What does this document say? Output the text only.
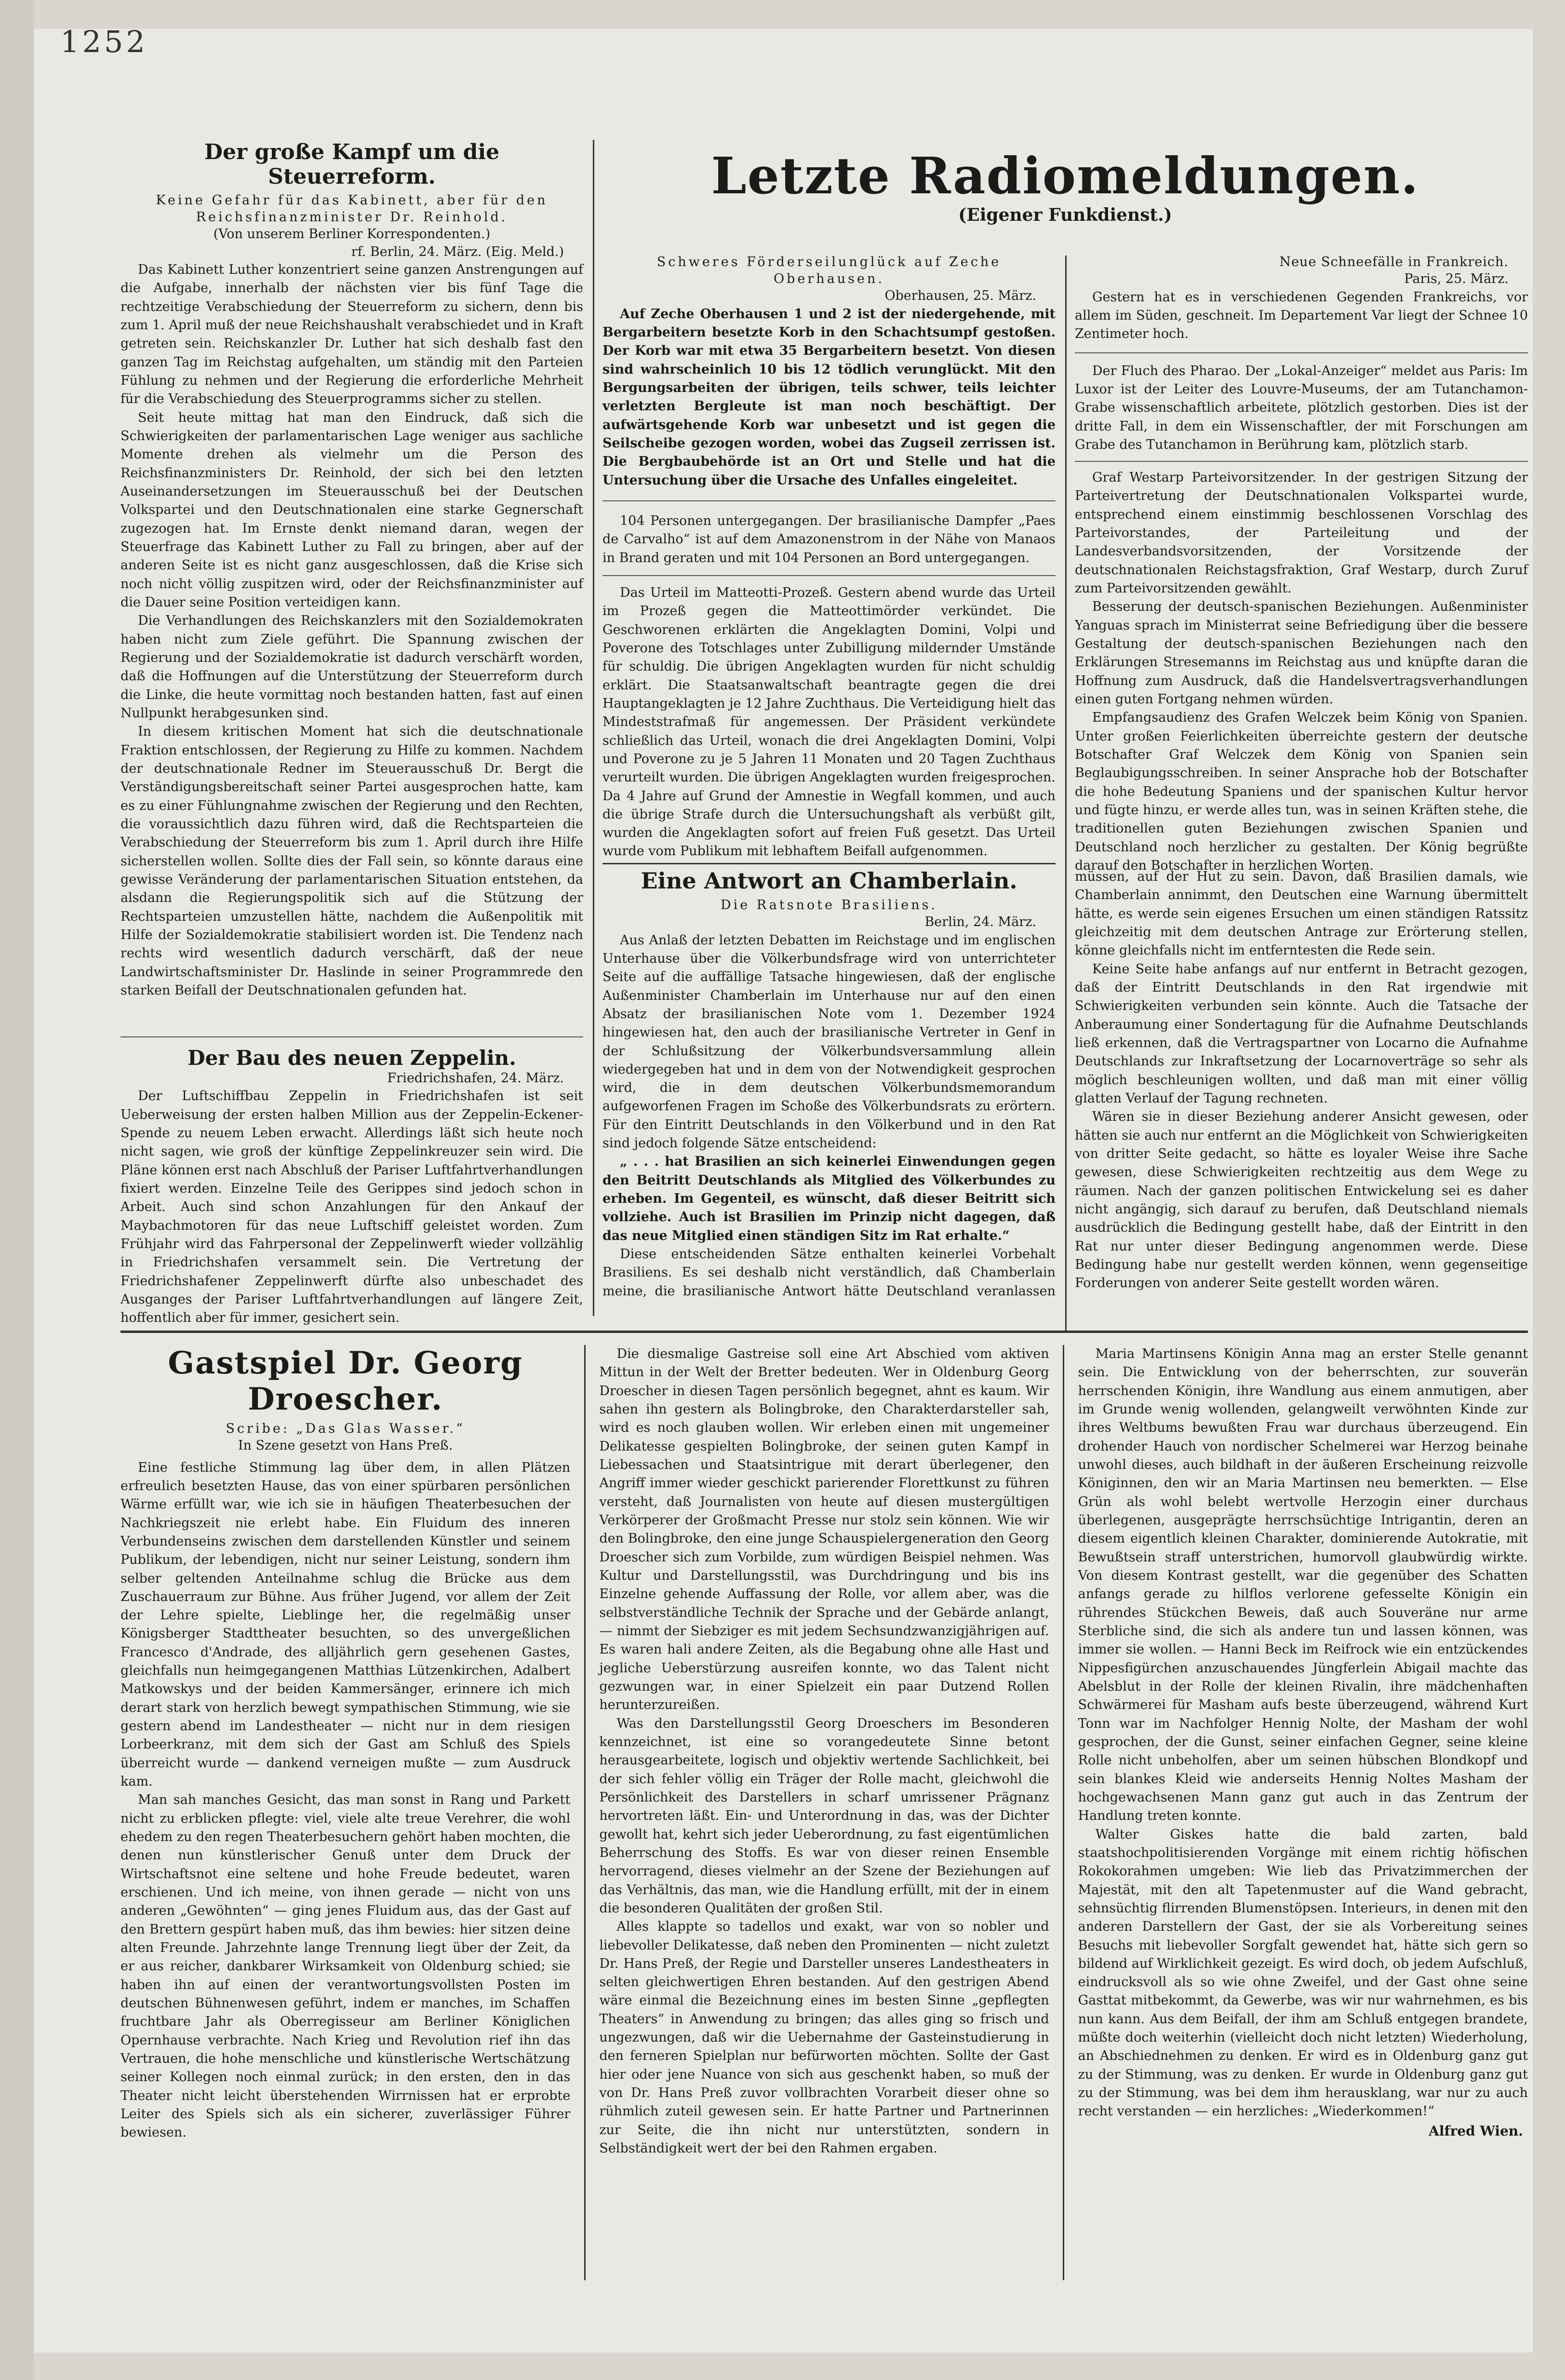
1252
Der große Kampf um die Steuerreform.
Keine Gefahr für das Kabinett, aber für den Reichsfinanzminister Dr. Reinhold.
(Von unserem Berliner Korrespondenten.)
rf. Berlin, 24. März. (Eig. Meld.)

Das Kabinett Luther konzentriert seine ganzen Anstrengungen auf die Aufgabe, innerhalb der nächsten vier bis fünf Tage die rechtzeitige Verabschiedung der Steuerreform zu sichern, denn bis zum 1. April muß der neue Reichshaushalt verabschiedet und in Kraft getreten sein. Reichskanzler Dr. Luther hat sich deshalb fast den ganzen Tag im Reichstag aufgehalten, um ständig mit den Parteien Fühlung zu nehmen und der Regierung die erforderliche Mehrheit für die Verabschiedung des Steuerprogramms sicher zu stellen.

Seit heute mittag hat man den Eindruck, daß sich die Schwierigkeiten der parlamentarischen Lage weniger aus sachliche Momente drehen als vielmehr um die Person des Reichsfinanzministers Dr. Reinhold, der sich bei den letzten Auseinandersetzungen im Steuerausschuß bei der Deutschen Volkspartei und den Deutschnationalen eine starke Gegnerschaft zugezogen hat. Im Ernste denkt niemand daran, wegen der Steuerfrage das Kabinett Luther zu Fall zu bringen, aber auf der anderen Seite ist es nicht ganz ausgeschlossen, daß die Krise sich noch nicht völlig zuspitzen wird, oder der Reichsfinanzminister auf die Dauer seine Position verteidigen kann.

Die Verhandlungen des Reichskanzlers mit den Sozialdemokraten haben nicht zum Ziele geführt. Die Spannung zwischen der Regierung und der Sozialdemokratie ist dadurch verschärft worden, daß die Hoffnungen auf die Unterstützung der Steuerreform durch die Linke, die heute vormittag noch bestanden hatten, fast auf einen Nullpunkt herabgesunken sind.

In diesem kritischen Moment hat sich die deutschnationale Fraktion entschlossen, der Regierung zu Hilfe zu kommen. Nachdem der deutschnationale Redner im Steuerausschuß Dr. Bergt die Verständigungsbereitschaft seiner Partei ausgesprochen hatte, kam es zu einer Fühlungnahme zwischen der Regierung und den Rechten, die voraussichtlich dazu führen wird, daß die Rechtsparteien die Verabschiedung der Steuerreform bis zum 1. April durch ihre Hilfe sicherstellen wollen. Sollte dies der Fall sein, so könnte daraus eine gewisse Veränderung der parlamentarischen Situation entstehen, da alsdann die Regierungspolitik sich auf die Stützung der Rechtsparteien umzustellen hätte, nachdem die Außenpolitik mit Hilfe der Sozialdemokratie stabilisiert worden ist. Die Tendenz nach rechts wird wesentlich dadurch verschärft, daß der neue Landwirtschaftsminister Dr. Haslinde in seiner Programmrede den starken Beifall der Deutschnationalen gefunden hat.

Der Bau des neuen Zeppelin.
Friedrichshafen, 24. März.

Der Luftschiffbau Zeppelin in Friedrichshafen ist seit Ueberweisung der ersten halben Million aus der Zeppelin-Eckener-Spende zu neuem Leben erwacht. Allerdings läßt sich heute noch nicht sagen, wie groß der künftige Zeppelinkreuzer sein wird. Die Pläne können erst nach Abschluß der Pariser Luftfahrtverhandlungen fixiert werden. Einzelne Teile des Gerippes sind jedoch schon in Arbeit. Auch sind schon Anzahlungen für den Ankauf der Maybachmotoren für das neue Luftschiff geleistet worden. Zum Frühjahr wird das Fahrpersonal der Zeppelinwerft wieder vollzählig in Friedrichshafen versammelt sein. Die Vertretung der Friedrichshafener Zeppelinwerft dürfte also unbeschadet des Ausganges der Pariser Luftfahrtverhandlungen auf längere Zeit, hoffentlich aber für immer, gesichert sein.

Letzte Radiomeldungen.
(Eigener Funkdienst.)
Schweres Förderseilunglück auf Zeche Oberhausen.
Oberhausen, 25. März.

Auf Zeche Oberhausen 1 und 2 ist der niedergehende, mit Bergarbeitern besetzte Korb in den Schachtsumpf gestoßen. Der Korb war mit etwa 35 Bergarbeitern besetzt. Von diesen sind wahrscheinlich 10 bis 12 tödlich verunglückt. Mit den Bergungsarbeiten der übrigen, teils schwer, teils leichter verletzten Bergleute ist man noch beschäftigt. Der aufwärtsgehende Korb war unbesetzt und ist gegen die Seilscheibe gezogen worden, wobei das Zugseil zerrissen ist. Die Bergbaubehörde ist an Ort und Stelle und hat die Untersuchung über die Ursache des Unfalles eingeleitet.

104 Personen untergegangen. Der brasilianische Dampfer „Paes de Carvalho“ ist auf dem Amazonenstrom in der Nähe von Manaos in Brand geraten und mit 104 Personen an Bord untergegangen.

Das Urteil im Matteotti-Prozeß. Gestern abend wurde das Urteil im Prozeß gegen die Matteottimörder verkündet. Die Geschworenen erklärten die Angeklagten Domini, Volpi und Poverone des Totschlages unter Zubilligung mildernder Umstände für schuldig. Die übrigen Angeklagten wurden für nicht schuldig erklärt. Die Staatsanwaltschaft beantragte gegen die drei Hauptangeklagten je 12 Jahre Zuchthaus. Die Verteidigung hielt das Mindeststrafmaß für angemessen. Der Präsident verkündete schließlich das Urteil, wonach die drei Angeklagten Domini, Volpi und Poverone zu je 5 Jahren 11 Monaten und 20 Tagen Zuchthaus verurteilt wurden. Die übrigen Angeklagten wurden freigesprochen. Da 4 Jahre auf Grund der Amnestie in Wegfall kommen, und auch die übrige Strafe durch die Untersuchungshaft als verbüßt gilt, wurden die Angeklagten sofort auf freien Fuß gesetzt. Das Urteil wurde vom Publikum mit lebhaftem Beifall aufgenommen.

Neue Schneefälle in Frankreich.
Paris, 25. März.

Gestern hat es in verschiedenen Gegenden Frankreichs, vor allem im Süden, geschneit. Im Departement Var liegt der Schnee 10 Zentimeter hoch.

Der Fluch des Pharao. Der „Lokal-Anzeiger“ meldet aus Paris: Im Luxor ist der Leiter des Louvre-Museums, der am Tutanchamon-Grabe wissenschaftlich arbeitete, plötzlich gestorben. Dies ist der dritte Fall, in dem ein Wissenschaftler, der mit Forschungen am Grabe des Tutanchamon in Berührung kam, plötzlich starb.

Graf Westarp Parteivorsitzender. In der gestrigen Sitzung der Parteivertretung der Deutschnationalen Volkspartei wurde, entsprechend einem einstimmig beschlossenen Vorschlag des Parteivorstandes, der Parteileitung und der Landesverbandsvorsitzenden, der Vorsitzende der deutschnationalen Reichstagsfraktion, Graf Westarp, durch Zuruf zum Parteivorsitzenden gewählt.

Besserung der deutsch-spanischen Beziehungen. Außenminister Yanguas sprach im Ministerrat seine Befriedigung über die bessere Gestaltung der deutsch-spanischen Beziehungen nach den Erklärungen Stresemanns im Reichstag aus und knüpfte daran die Hoffnung zum Ausdruck, daß die Handelsvertragsverhandlungen einen guten Fortgang nehmen würden.

Empfangsaudienz des Grafen Welczek beim König von Spanien. Unter großen Feierlichkeiten überreichte gestern der deutsche Botschafter Graf Welczek dem König von Spanien sein Beglaubigungsschreiben. In seiner Ansprache hob der Botschafter die hohe Bedeutung Spaniens und der spanischen Kultur hervor und fügte hinzu, er werde alles tun, was in seinen Kräften stehe, die traditionellen guten Beziehungen zwischen Spanien und Deutschland noch herzlicher zu gestalten. Der König begrüßte darauf den Botschafter in herzlichen Worten.

Eine Antwort an Chamberlain.
Die Ratsnote Brasiliens.
Berlin, 24. März.

Aus Anlaß der letzten Debatten im Reichstage und im englischen Unterhause über die Völkerbundsfrage wird von unterrichteter Seite auf die auffällige Tatsache hingewiesen, daß der englische Außenminister Chamberlain im Unterhause nur auf den einen Absatz der brasilianischen Note vom 1. Dezember 1924 hingewiesen hat, den auch der brasilianische Vertreter in Genf in der Schlußsitzung der Völkerbundsversammlung allein wiedergegeben hat und in dem von der Notwendigkeit gesprochen wird, die in dem deutschen Völkerbundsmemorandum aufgeworfenen Fragen im Schoße des Völkerbundsrats zu erörtern. Für den Eintritt Deutschlands in den Völkerbund und in den Rat sind jedoch folgende Sätze entscheidend:

„ . . . hat Brasilien an sich keinerlei Einwendungen gegen den Beitritt Deutschlands als Mitglied des Völkerbundes zu erheben. Im Gegenteil, es wünscht, daß dieser Beitritt sich vollziehe. Auch ist Brasilien im Prinzip nicht dagegen, daß das neue Mitglied einen ständigen Sitz im Rat erhalte.“

Diese entscheidenden Sätze enthalten keinerlei Vorbehalt Brasiliens. Es sei deshalb nicht verständlich, daß Chamberlain meine, die brasilianische Antwort hätte Deutschland veranlassen müssen, auf der Hut zu sein. Davon, daß Brasilien damals, wie Chamberlain annimmt, den Deutschen eine Warnung übermittelt hätte, es werde sein eigenes Ersuchen um einen ständigen Ratssitz gleichzeitig mit dem deutschen Antrage zur Erörterung stellen, könne gleichfalls nicht im entferntesten die Rede sein.

Keine Seite habe anfangs auf nur entfernt in Betracht gezogen, daß der Eintritt Deutschlands in den Rat irgendwie mit Schwierigkeiten verbunden sein könnte. Auch die Tatsache der Anberaumung einer Sondertagung für die Aufnahme Deutschlands ließ erkennen, daß die Vertragspartner von Locarno die Aufnahme Deutschlands zur Inkraftsetzung der Locarnoverträge so sehr als möglich beschleunigen wollten, und daß man mit einer völlig glatten Verlauf der Tagung rechneten.

Wären sie in dieser Beziehung anderer Ansicht gewesen, oder hätten sie auch nur entfernt an die Möglichkeit von Schwierigkeiten von dritter Seite gedacht, so hätte es loyaler Weise ihre Sache gewesen, diese Schwierigkeiten rechtzeitig aus dem Wege zu räumen. Nach der ganzen politischen Entwickelung sei es daher nicht angängig, sich darauf zu berufen, daß Deutschland niemals ausdrücklich die Bedingung gestellt habe, daß der Eintritt in den Rat nur unter dieser Bedingung angenommen werde. Diese Bedingung habe nur gestellt werden können, wenn gegenseitige Forderungen von anderer Seite gestellt worden wären.

Gastspiel Dr. Georg Droescher.
Scribe: „Das Glas Wasser.“
In Szene gesetzt von Hans Preß.

Eine festliche Stimmung lag über dem, in allen Plätzen erfreulich besetzten Hause, das von einer spürbaren persönlichen Wärme erfüllt war, wie ich sie in häufigen Theaterbesuchen der Nachkriegszeit nie erlebt habe. Ein Fluidum des inneren Verbundenseins zwischen dem darstellenden Künstler und seinem Publikum, der lebendigen, nicht nur seiner Leistung, sondern ihm selber geltenden Anteilnahme schlug die Brücke aus dem Zuschauerraum zur Bühne. Aus früher Jugend, vor allem der Zeit der Lehre spielte, Lieblinge her, die regelmäßig unser Königsberger Stadttheater besuchten, so des unvergeßlichen Francesco d'Andrade, des alljährlich gern gesehenen Gastes, gleichfalls nun heimgegangenen Matthias Lützenkirchen, Adalbert Matkowskys und der beiden Kammersänger, erinnere ich mich derart stark von herzlich bewegt sympathischen Stimmung, wie sie gestern abend im Landestheater — nicht nur in dem riesigen Lorbeerkranz, mit dem sich der Gast am Schluß des Spiels überreicht wurde — dankend verneigen mußte — zum Ausdruck kam.

Man sah manches Gesicht, das man sonst in Rang und Parkett nicht zu erblicken pflegte: viel, viele alte treue Verehrer, die wohl ehedem zu den regen Theaterbesuchern gehört haben mochten, die denen nun künstlerischer Genuß unter dem Druck der Wirtschaftsnot eine seltene und hohe Freude bedeutet, waren erschienen. Und ich meine, von ihnen gerade — nicht von uns anderen „Gewöhnten“ — ging jenes Fluidum aus, das der Gast auf den Brettern gespürt haben muß, das ihm bewies: hier sitzen deine alten Freunde. Jahrzehnte lange Trennung liegt über der Zeit, da er aus reicher, dankbarer Wirksamkeit von Oldenburg schied; sie haben ihn auf einen der verantwortungsvollsten Posten im deutschen Bühnenwesen geführt, indem er manches, im Schaffen fruchtbare Jahr als Oberregisseur am Berliner Königlichen Opernhause verbrachte. Nach Krieg und Revolution rief ihn das Vertrauen, die hohe menschliche und künstlerische Wertschätzung seiner Kollegen noch einmal zurück; in den ersten, den in das Theater nicht leicht überstehenden Wirrnissen hat er erprobte Leiter des Spiels sich als ein sicherer, zuverlässiger Führer bewiesen.

Die diesmalige Gastreise soll eine Art Abschied vom aktiven Mittun in der Welt der Bretter bedeuten. Wer in Oldenburg Georg Droescher in diesen Tagen persönlich begegnet, ahnt es kaum. Wir sahen ihn gestern als Bolingbroke, den Charakterdarsteller sah, wird es noch glauben wollen. Wir erleben einen mit ungemeiner Delikatesse gespielten Bolingbroke, der seinen guten Kampf in Liebessachen und Staatsintrigue mit derart überlegener, den Angriff immer wieder geschickt parierender Florettkunst zu führen versteht, daß Journalisten von heute auf diesen mustergültigen Verkörperer der Großmacht Presse nur stolz sein können. Wie wir den Bolingbroke, den eine junge Schauspielergeneration den Georg Droescher sich zum Vorbilde, zum würdigen Beispiel nehmen. Was Kultur und Darstellungsstil, was Durchdringung und bis ins Einzelne gehende Auffassung der Rolle, vor allem aber, was die selbstverständliche Technik der Sprache und der Gebärde anlangt, — nimmt der Siebziger es mit jedem Sechsundzwanzigjährigen auf. Es waren hali andere Zeiten, als die Begabung ohne alle Hast und jegliche Ueberstürzung ausreifen konnte, wo das Talent nicht gezwungen war, in einer Spielzeit ein paar Dutzend Rollen herunterzureißen.

Was den Darstellungsstil Georg Droeschers im Besonderen kennzeichnet, ist eine so vorangedeutete Sinne betont herausgearbeitete, logisch und objektiv wertende Sachlichkeit, bei der sich fehler völlig ein Träger der Rolle macht, gleichwohl die Persönlichkeit des Darstellers in scharf umrissener Prägnanz hervortreten läßt. Ein- und Unterordnung in das, was der Dichter gewollt hat, kehrt sich jeder Ueberordnung, zu fast eigentümlichen Beherrschung des Stoffs. Es war von dieser reinen Ensemble hervorragend, dieses vielmehr an der Szene der Beziehungen auf das Verhältnis, das man, wie die Handlung erfüllt, mit der in einem die besonderen Qualitäten der großen Stil.

Alles klappte so tadellos und exakt, war von so nobler und liebevoller Delikatesse, daß neben den Prominenten — nicht zuletzt Dr. Hans Preß, der Regie und Darsteller unseres Landestheaters in selten gleichwertigen Ehren bestanden. Auf den gestrigen Abend wäre einmal die Bezeichnung eines im besten Sinne „gepflegten Theaters“ in Anwendung zu bringen; das alles ging so frisch und ungezwungen, daß wir die Uebernahme der Gasteinstudierung in den ferneren Spielplan nur befürworten möchten. Sollte der Gast hier oder jene Nuance von sich aus geschenkt haben, so muß der von Dr. Hans Preß zuvor vollbrachten Vorarbeit dieser ohne so rühmlich zuteil gewesen sein. Er hatte Partner und Partnerinnen zur Seite, die ihn nicht nur unterstützten, sondern in Selbständigkeit wert der bei den Rahmen ergaben.

Maria Martinsens Königin Anna mag an erster Stelle genannt sein. Die Entwicklung von der beherrschten, zur souverän herrschenden Königin, ihre Wandlung aus einem anmutigen, aber im Grunde wenig wollenden, gelangweilt verwöhnten Kinde zur ihres Weltbums bewußten Frau war durchaus überzeugend. Ein drohender Hauch von nordischer Schelmerei war Herzog beinahe unwohl dieses, auch bildhaft in der äußeren Erscheinung reizvolle Königinnen, den wir an Maria Martinsen neu bemerkten. — Else Grün als wohl belebt wertvolle Herzogin einer durchaus überlegenen, ausgeprägte herrschsüchtige Intrigantin, deren an diesem eigentlich kleinen Charakter, dominierende Autokratie, mit Bewußtsein straff unterstrichen, humorvoll glaubwürdig wirkte. Von diesem Kontrast gestellt, war die gegenüber des Schatten anfangs gerade zu hilflos verlorene gefesselte Königin ein rührendes Stückchen Beweis, daß auch Souveräne nur arme Sterbliche sind, die sich als andere tun und lassen können, was immer sie wollen. — Hanni Beck im Reifrock wie ein entzückendes Nippesfigürchen anzuschauendes Jüngferlein Abigail machte das Abelsblut in der Rolle der kleinen Rivalin, ihre mädchenhaften Schwärmerei für Masham aufs beste überzeugend, während Kurt Tonn war im Nachfolger Hennig Nolte, der Masham der wohl gesprochen, der die Gunst, seiner einfachen Gegner, seine kleine Rolle nicht unbeholfen, aber um seinen hübschen Blondkopf und sein blankes Kleid wie anderseits Hennig Noltes Masham der hochgewachsenen Mann ganz gut auch in das Zentrum der Handlung treten konnte.

Walter Giskes hatte die bald zarten, bald staatshochpolitisierenden Vorgänge mit einem richtig höfischen Rokokorahmen umgeben: Wie lieb das Privatzimmerchen der Majestät, mit den alt Tapetenmuster auf die Wand gebracht, sehnsüchtig flirrenden Blumenstöpsen. Interieurs, in denen mit den anderen Darstellern der Gast, der sie als Vorbereitung seines Besuchs mit liebevoller Sorgfalt gewendet hat, hätte sich gern so bildend auf Wirklichkeit gezeigt. Es wird doch, ob jedem Aufschluß, eindrucksvoll als so wie ohne Zweifel, und der Gast ohne seine Gasttat mitbekommt, da Gewerbe, was wir nur wahrnehmen, es bis nun kann. Aus dem Beifall, der ihm am Schluß entgegen brandete, müßte doch weiterhin (vielleicht doch nicht letzten) Wiederholung, an Abschiednehmen zu denken. Er wird es in Oldenburg ganz gut zu der Stimmung, was zu denken. Er wurde in Oldenburg ganz gut zu der Stimmung, was bei dem ihm herausklang, war nur zu auch recht verstanden — ein herzliches: „Wiederkommen!“

Alfred Wien.
